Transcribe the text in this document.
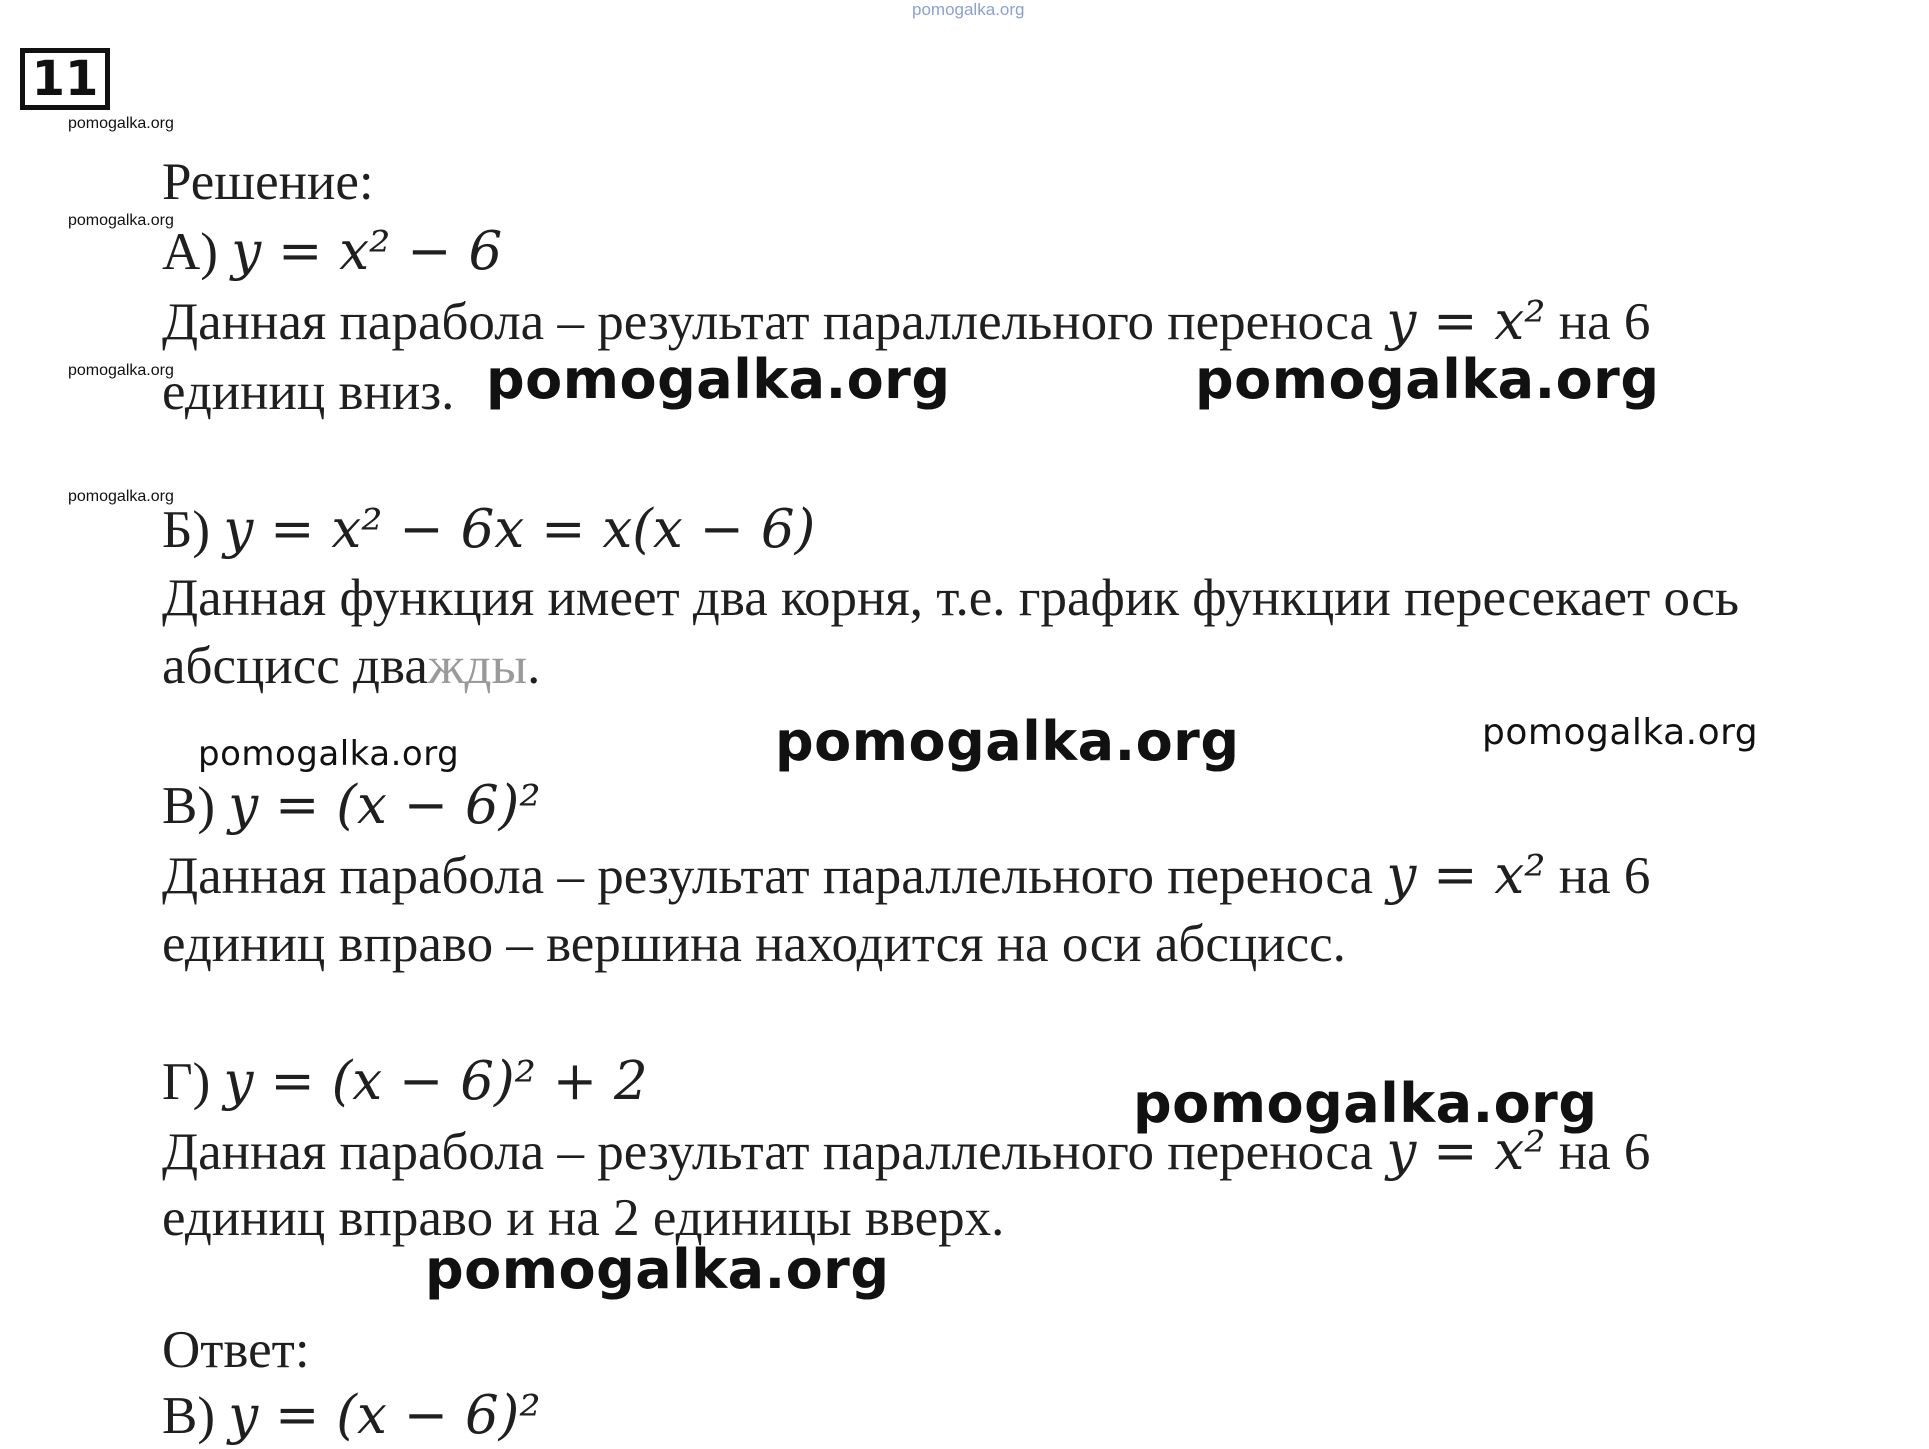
pomogalka.org
11
pomogalka.org
pomogalka.org
pomogalka.org
pomogalka.org
Решение:
А) y = x² − 6
Данная парабола – результат параллельного переноса y = x² на 6
единиц вниз. pomogalka.org	pomogalka.org
Б) y = x² − 6x = x(x − 6)
Данная функция имеет два корня, т.е. график функции пересекает ось
абсцисс дважды.
pomogalka.org	pomogalka.org	pomogalka.org
В) y = (x − 6)²
Данная парабола – результат параллельного переноса y = x² на 6
единиц вправо – вершина находится на оси абсцисс.
Г) y = (x − 6)² + 2	pomogalka.org
Данная парабола – результат параллельного переноса y = x² на 6
единиц вправо и на 2 единицы вверх.
pomogalka.org
Ответ:
В) y = (x − 6)²
